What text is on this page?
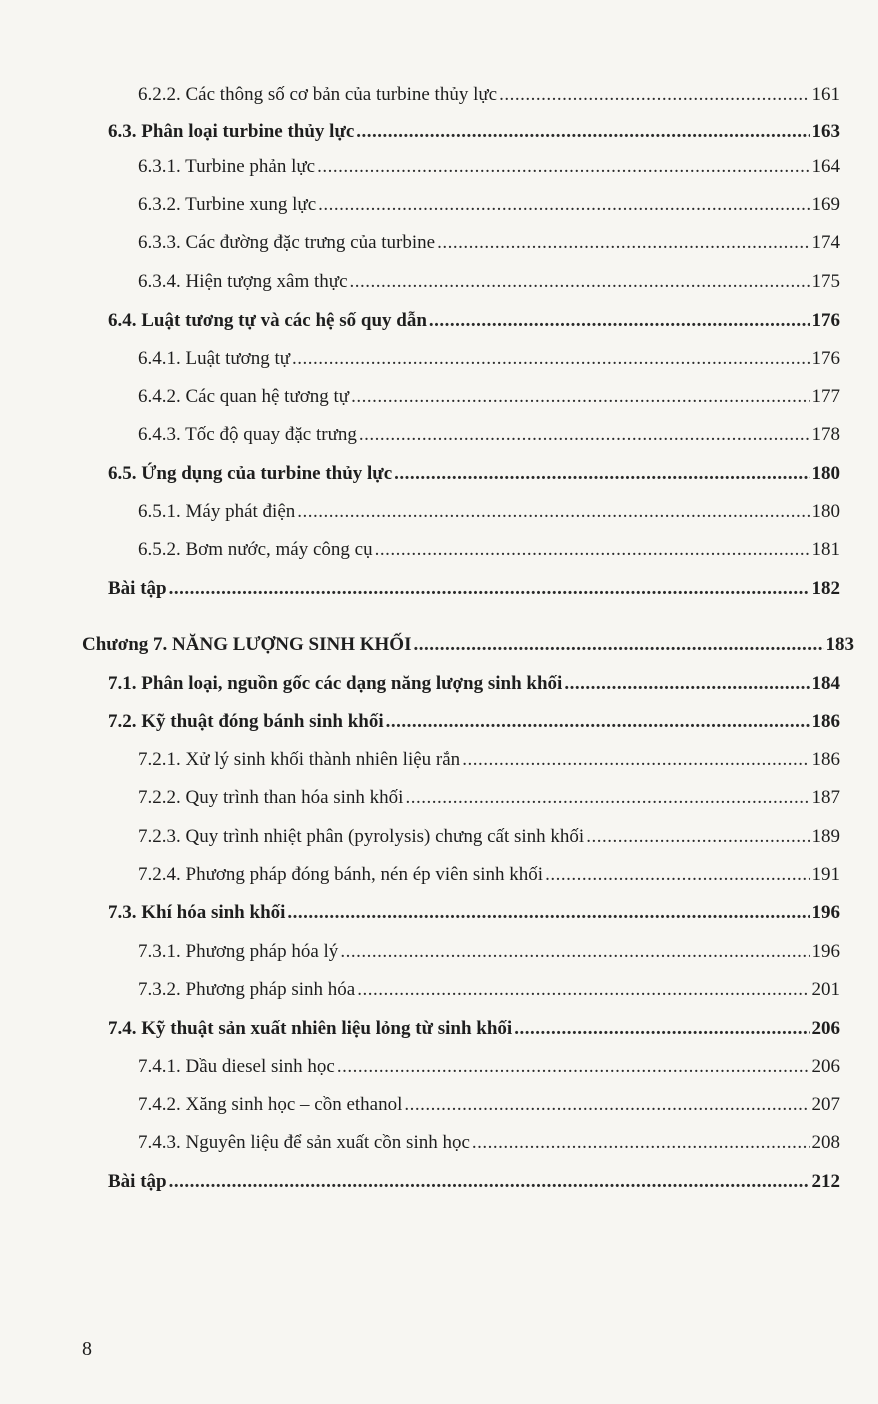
6.2.2. Các thông số cơ bản của turbine thủy lực .....	161
6.3. Phân loại turbine thủy lực .....	163
6.3.1. Turbine phản lực .....	164
6.3.2. Turbine xung lực .....	169
6.3.3. Các đường đặc trưng của turbine .....	174
6.3.4. Hiện tượng xâm thực .....	175
6.4. Luật tương tự và các hệ số quy dẫn .....	176
6.4.1. Luật tương tự .....	176
6.4.2. Các quan hệ tương tự .....	177
6.4.3. Tốc độ quay đặc trưng .....	178
6.5. Ứng dụng của turbine thủy lực .....	180
6.5.1. Máy phát điện .....	180
6.5.2. Bơm nước, máy công cụ .....	181
Bài tập .....	182
Chương 7. NĂNG LƯỢNG SINH KHỐI .....	183
7.1. Phân loại, nguồn gốc các dạng năng lượng sinh khối .....	184
7.2. Kỹ thuật đóng bánh sinh khối .....	186
7.2.1. Xử lý sinh khối thành nhiên liệu rắn .....	186
7.2.2. Quy trình than hóa sinh khối .....	187
7.2.3. Quy trình nhiệt phân (pyrolysis) chưng cất sinh khối .....	189
7.2.4. Phương pháp đóng bánh, nén ép viên sinh khối .....	191
7.3. Khí hóa sinh khối .....	196
7.3.1. Phương pháp hóa lý .....	196
7.3.2. Phương pháp sinh hóa .....	201
7.4. Kỹ thuật sản xuất nhiên liệu lỏng từ sinh khối .....	206
7.4.1. Dầu diesel sinh học .....	206
7.4.2. Xăng sinh học – cồn ethanol .....	207
7.4.3. Nguyên liệu để sản xuất cồn sinh học .....	208
Bài tập .....	212
8
